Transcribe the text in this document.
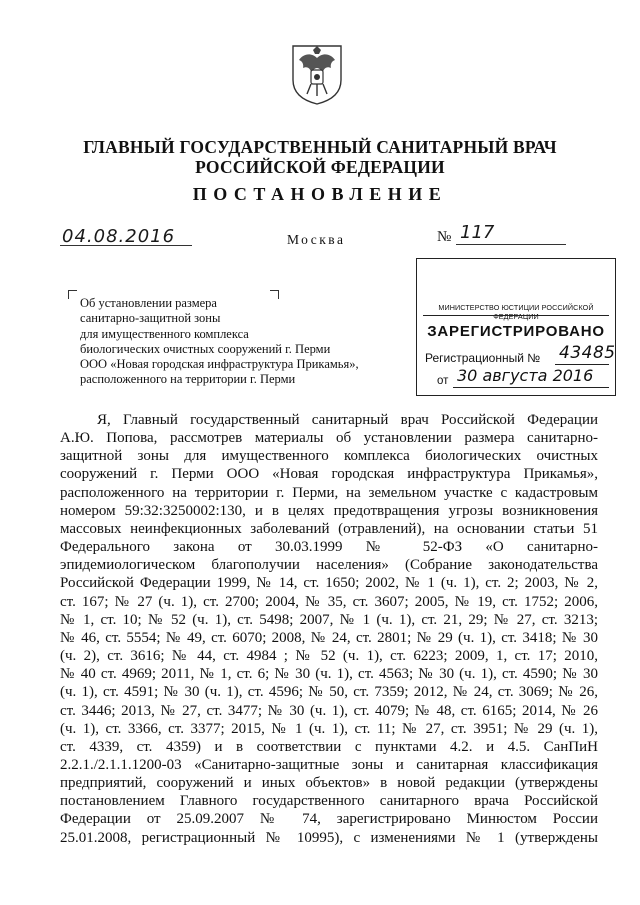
ГЛАВНЫЙ ГОСУДАРСТВЕННЫЙ САНИТАРНЫЙ ВРАЧ
РОССИЙСКОЙ ФЕДЕРАЦИИ
ПОСТАНОВЛЕНИЕ
04.08.2016	Москва	№ 117
Об установлении размера
санитарно-защитной зоны
для имущественного комплекса
биологических очистных сооружений г. Перми
ООО «Новая городская инфраструктура Прикамья»,
расположенного на территории г. Перми
МИНИСТЕРСТВО ЮСТИЦИИ РОССИЙСКОЙ ФЕДЕРАЦИИ
ЗАРЕГИСТРИРОВАНО
Регистрационный № 43485
от 30 августа 2016
Я, Главный государственный санитарный врач Российской Федерации
А.Ю. Попова, рассмотрев материалы об установлении размера санитарно-
защитной зоны для имущественного комплекса биологических очистных
сооружений г. Перми ООО «Новая городская инфраструктура Прикамья»,
расположенного на территории г. Перми, на земельном участке с кадастровым
номером 59:32:3250002:130, и в целях предотвращения угрозы возникновения
массовых неинфекционных заболеваний (отравлений), на основании статьи 51
Федерального закона от 30.03.1999 № 52-ФЗ «О санитарно-
эпидемиологическом благополучии населения» (Собрание законодательства
Российской Федерации 1999, № 14, ст. 1650; 2002, № 1 (ч. 1), ст. 2; 2003, № 2,
ст. 167; № 27 (ч. 1), ст. 2700; 2004, № 35, ст. 3607; 2005, № 19, ст. 1752; 2006,
№ 1, ст. 10; № 52 (ч. 1), ст. 5498; 2007, № 1 (ч. 1), ст. 21, 29; № 27, ст. 3213;
№ 46, ст. 5554; № 49, ст. 6070; 2008, № 24, ст. 2801; № 29 (ч. 1), ст. 3418; № 30
(ч. 2), ст. 3616; № 44, ст. 4984 ; № 52 (ч. 1), ст. 6223; 2009, 1, ст. 17; 2010,
№ 40 ст. 4969; 2011, № 1, ст. 6; № 30 (ч. 1), ст. 4563; № 30 (ч. 1), ст. 4590; № 30
(ч. 1), ст. 4591; № 30 (ч. 1), ст. 4596; № 50, ст. 7359; 2012, № 24, ст. 3069; № 26,
ст. 3446; 2013, № 27, ст. 3477; № 30 (ч. 1), ст. 4079; № 48, ст. 6165; 2014, № 26
(ч. 1), ст. 3366, ст. 3377; 2015, № 1 (ч. 1), ст. 11; № 27, ст. 3951; № 29 (ч. 1),
ст. 4339, ст. 4359) и в соответствии с пунктами 4.2. и 4.5. СанПиН
2.2.1./2.1.1.1200-03 «Санитарно-защитные зоны и санитарная классификация
предприятий, сооружений и иных объектов» в новой редакции (утверждены
постановлением Главного государственного санитарного врача Российской
Федерации от 25.09.2007 № 74, зарегистрировано Минюстом России
25.01.2008, регистрационный № 10995), с изменениями № 1 (утверждены
